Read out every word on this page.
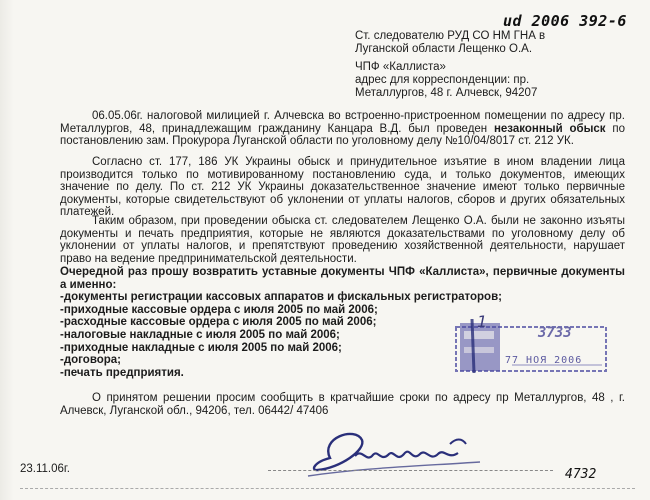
ud 2006 392-6
Ст. следователю РУД СО НМ ГНА в
Луганской области Лещенко О.А.
ЧПФ «Каллиста»
адрес для корреспонденции: пр.
Металлургов, 48 г. Алчевск, 94207

06.05.06г. налоговой милицией г. Алчевска во встроенно-пристроенном помещении по адресу пр. Металлургов, 48, принадлежащим гражданину Канцара В.Д. был проведен незаконный обыск по постановлению зам. Прокурора Луганской области по уголовному делу №10/04/8017 ст. 212 УК.

Согласно ст. 177, 186 УК Украины обыск и принудительное изъятие в ином владении лица производится только по мотивированному постановлению суда, и только документов, имеющих значение по делу. По ст. 212 УК Украины доказательственное значение имеют только первичные документы, которые свидетельствуют об уклонении от уплаты налогов, сборов и других обязательных платежей.

Таким образом, при проведении обыска ст. следователем Лещенко О.А. были не законно изъяты документы и печать предприятия, которые не являются доказательствами по уголовному делу об уклонении от уплаты налогов, и препятствуют проведению хозяйственной деятельности, нарушает право на ведение предпринимательской деятельности.

Очередной раз прошу возвратить уставные документы ЧПФ «Каллиста», первичные документы а именно:

-документы регистрации кассовых аппаратов и фискальных регистраторов;
-приходные кассовые ордера с июля 2005 по май 2006;
-расходные кассовые ордера с июля 2005 по май 2006;
-налоговые накладные с июля 2005 по май 2006;
-приходные накладные с июля 2005 по май 2006;
-договора;
-печать предприятия.

О принятом решении просим сообщить в кратчайшие сроки по адресу пр Металлургов, 48 , г. Алчевск, Луганской обл., 94206, тел. 06442/ 47406

1
3733
77 НОЯ 2006
23.11.06г.	4732
